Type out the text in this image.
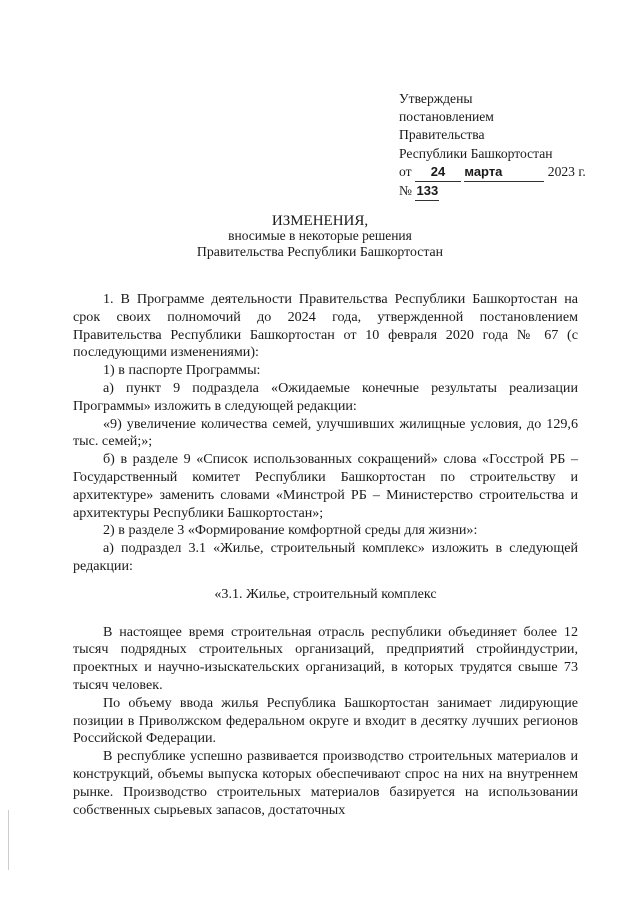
Утверждены
постановлением
Правительства
Республики Башкортостан
от 24 марта	2023 г.
№ 133
ИЗМЕНЕНИЯ,
вносимые в некоторые решения
Правительства Республики Башкортостан

1. В Программе деятельности Правительства Республики Башкортостан на срок своих полномочий до 2024 года, утвержденной постановлением Правительства Республики Башкортостан от 10 февраля 2020 года № 67 (с последующими изменениями):

1) в паспорте Программы:

а) пункт 9 подраздела «Ожидаемые конечные результаты реализации Программы» изложить в следующей редакции:

«9) увеличение количества семей, улучшивших жилищные условия, до 129,6 тыс. семей;»;

б) в разделе 9 «Список использованных сокращений» слова «Госстрой РБ – Государственный комитет Республики Башкортостан по строительству и архитектуре» заменить словами «Минстрой РБ – Министерство строительства и архитектуры Республики Башкортостан»;

2) в разделе 3 «Формирование комфортной среды для жизни»:

а) подраздел 3.1 «Жилье, строительный комплекс» изложить в следующей редакции:

«3.1. Жилье, строительный комплекс

В настоящее время строительная отрасль республики объединяет более 12 тысяч подрядных строительных организаций, предприятий стройиндустрии, проектных и научно-изыскательских организаций, в которых трудятся свыше 73 тысяч человек.

По объему ввода жилья Республика Башкортостан занимает лидирующие позиции в Приволжском федеральном округе и входит в десятку лучших регионов Российской Федерации.

В республике успешно развивается производство строительных материалов и конструкций, объемы выпуска которых обеспечивают спрос на них на внутреннем рынке. Производство строительных материалов базируется на использовании собственных сырьевых запасов, достаточных
